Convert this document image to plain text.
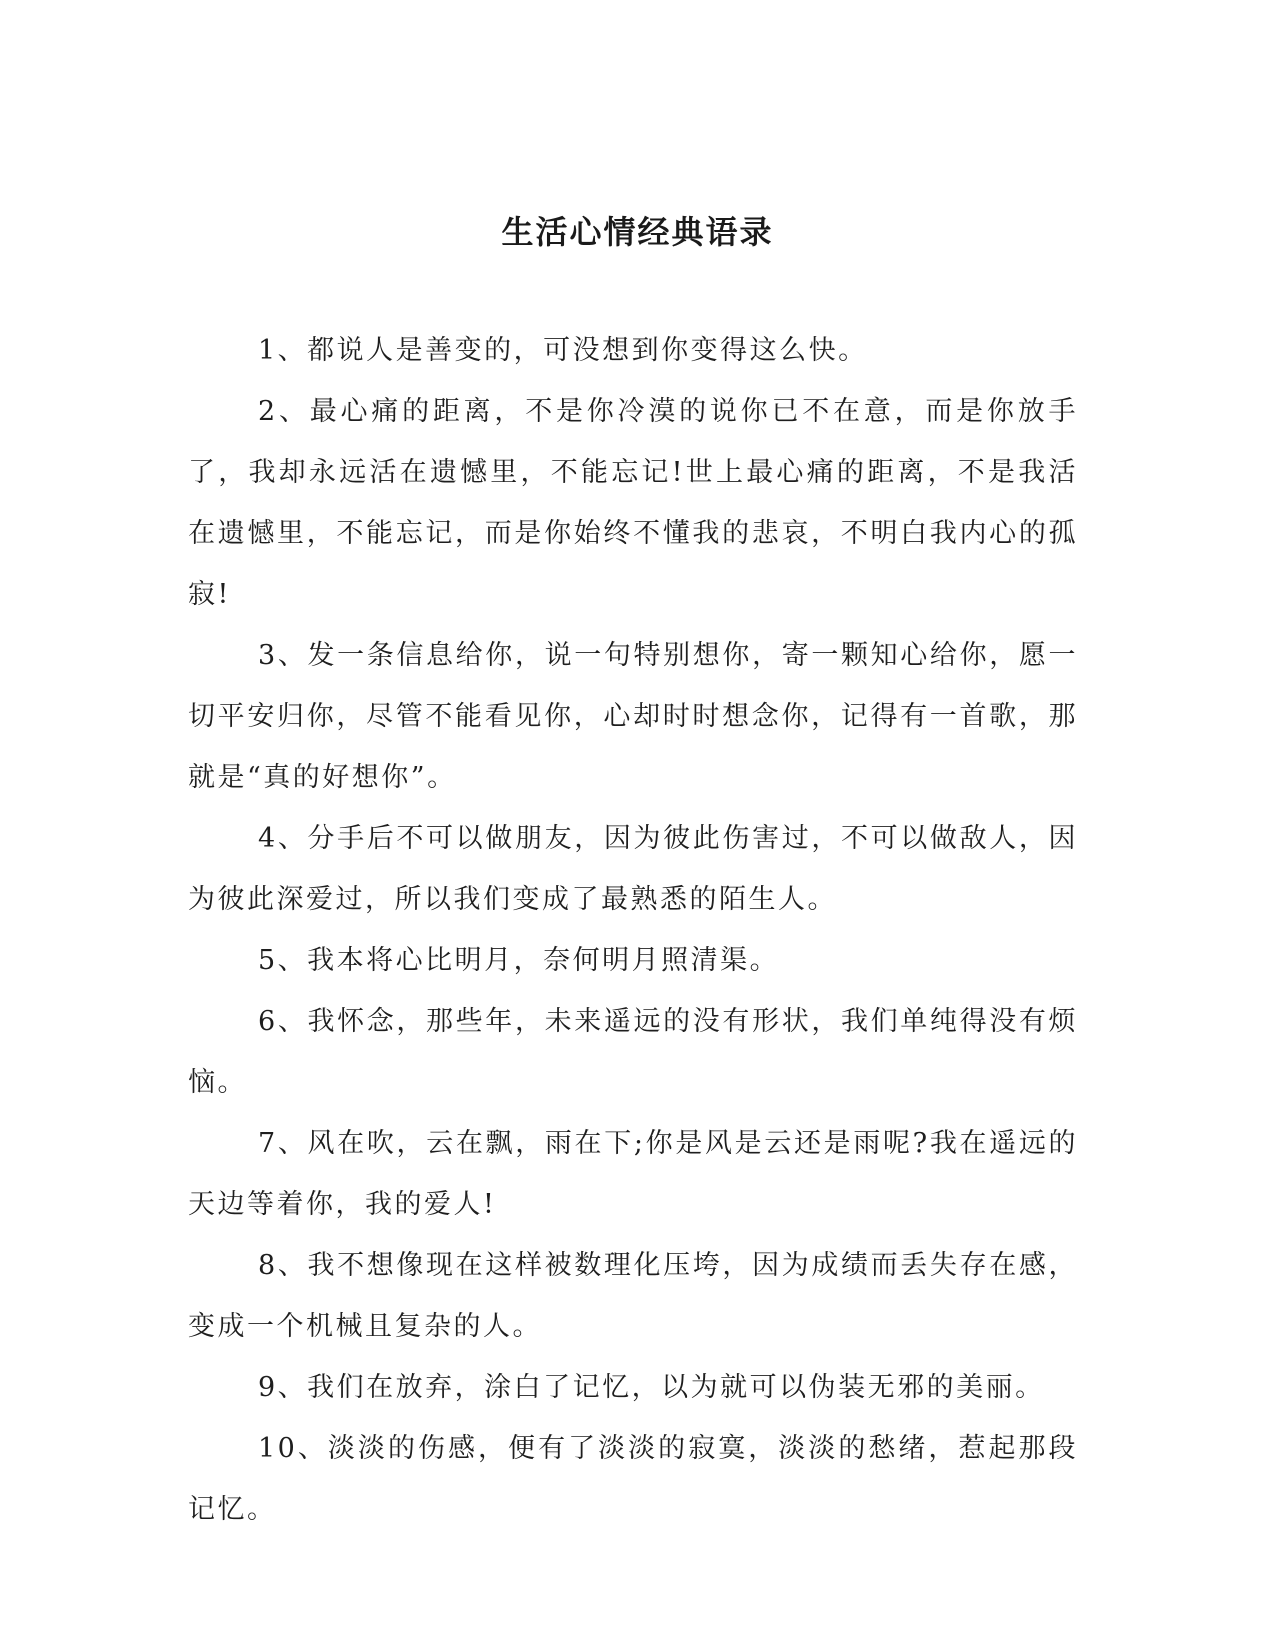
生活心情经典语录

1、都说人是善变的，可没想到你变得这么快。

2、最心痛的距离，不是你冷漠的说你已不在意，而是你放手了，我却永远活在遗憾里，不能忘记!世上最心痛的距离，不是我活在遗憾里，不能忘记，而是你始终不懂我的悲哀，不明白我内心的孤寂!

3、发一条信息给你，说一句特别想你，寄一颗知心给你，愿一切平安归你，尽管不能看见你，心却时时想念你，记得有一首歌，那就是“真的好想你”。

4、分手后不可以做朋友，因为彼此伤害过，不可以做敌人，因为彼此深爱过，所以我们变成了最熟悉的陌生人。

5、我本将心比明月，奈何明月照清渠。

6、我怀念，那些年，未来遥远的没有形状，我们单纯得没有烦恼。

7、风在吹，云在飘，雨在下;你是风是云还是雨呢?我在遥远的天边等着你，我的爱人!

8、我不想像现在这样被数理化压垮，因为成绩而丢失存在感，变成一个机械且复杂的人。

9、我们在放弃，涂白了记忆，以为就可以伪装无邪的美丽。

10、淡淡的伤感，便有了淡淡的寂寞，淡淡的愁绪，惹起那段记忆。
